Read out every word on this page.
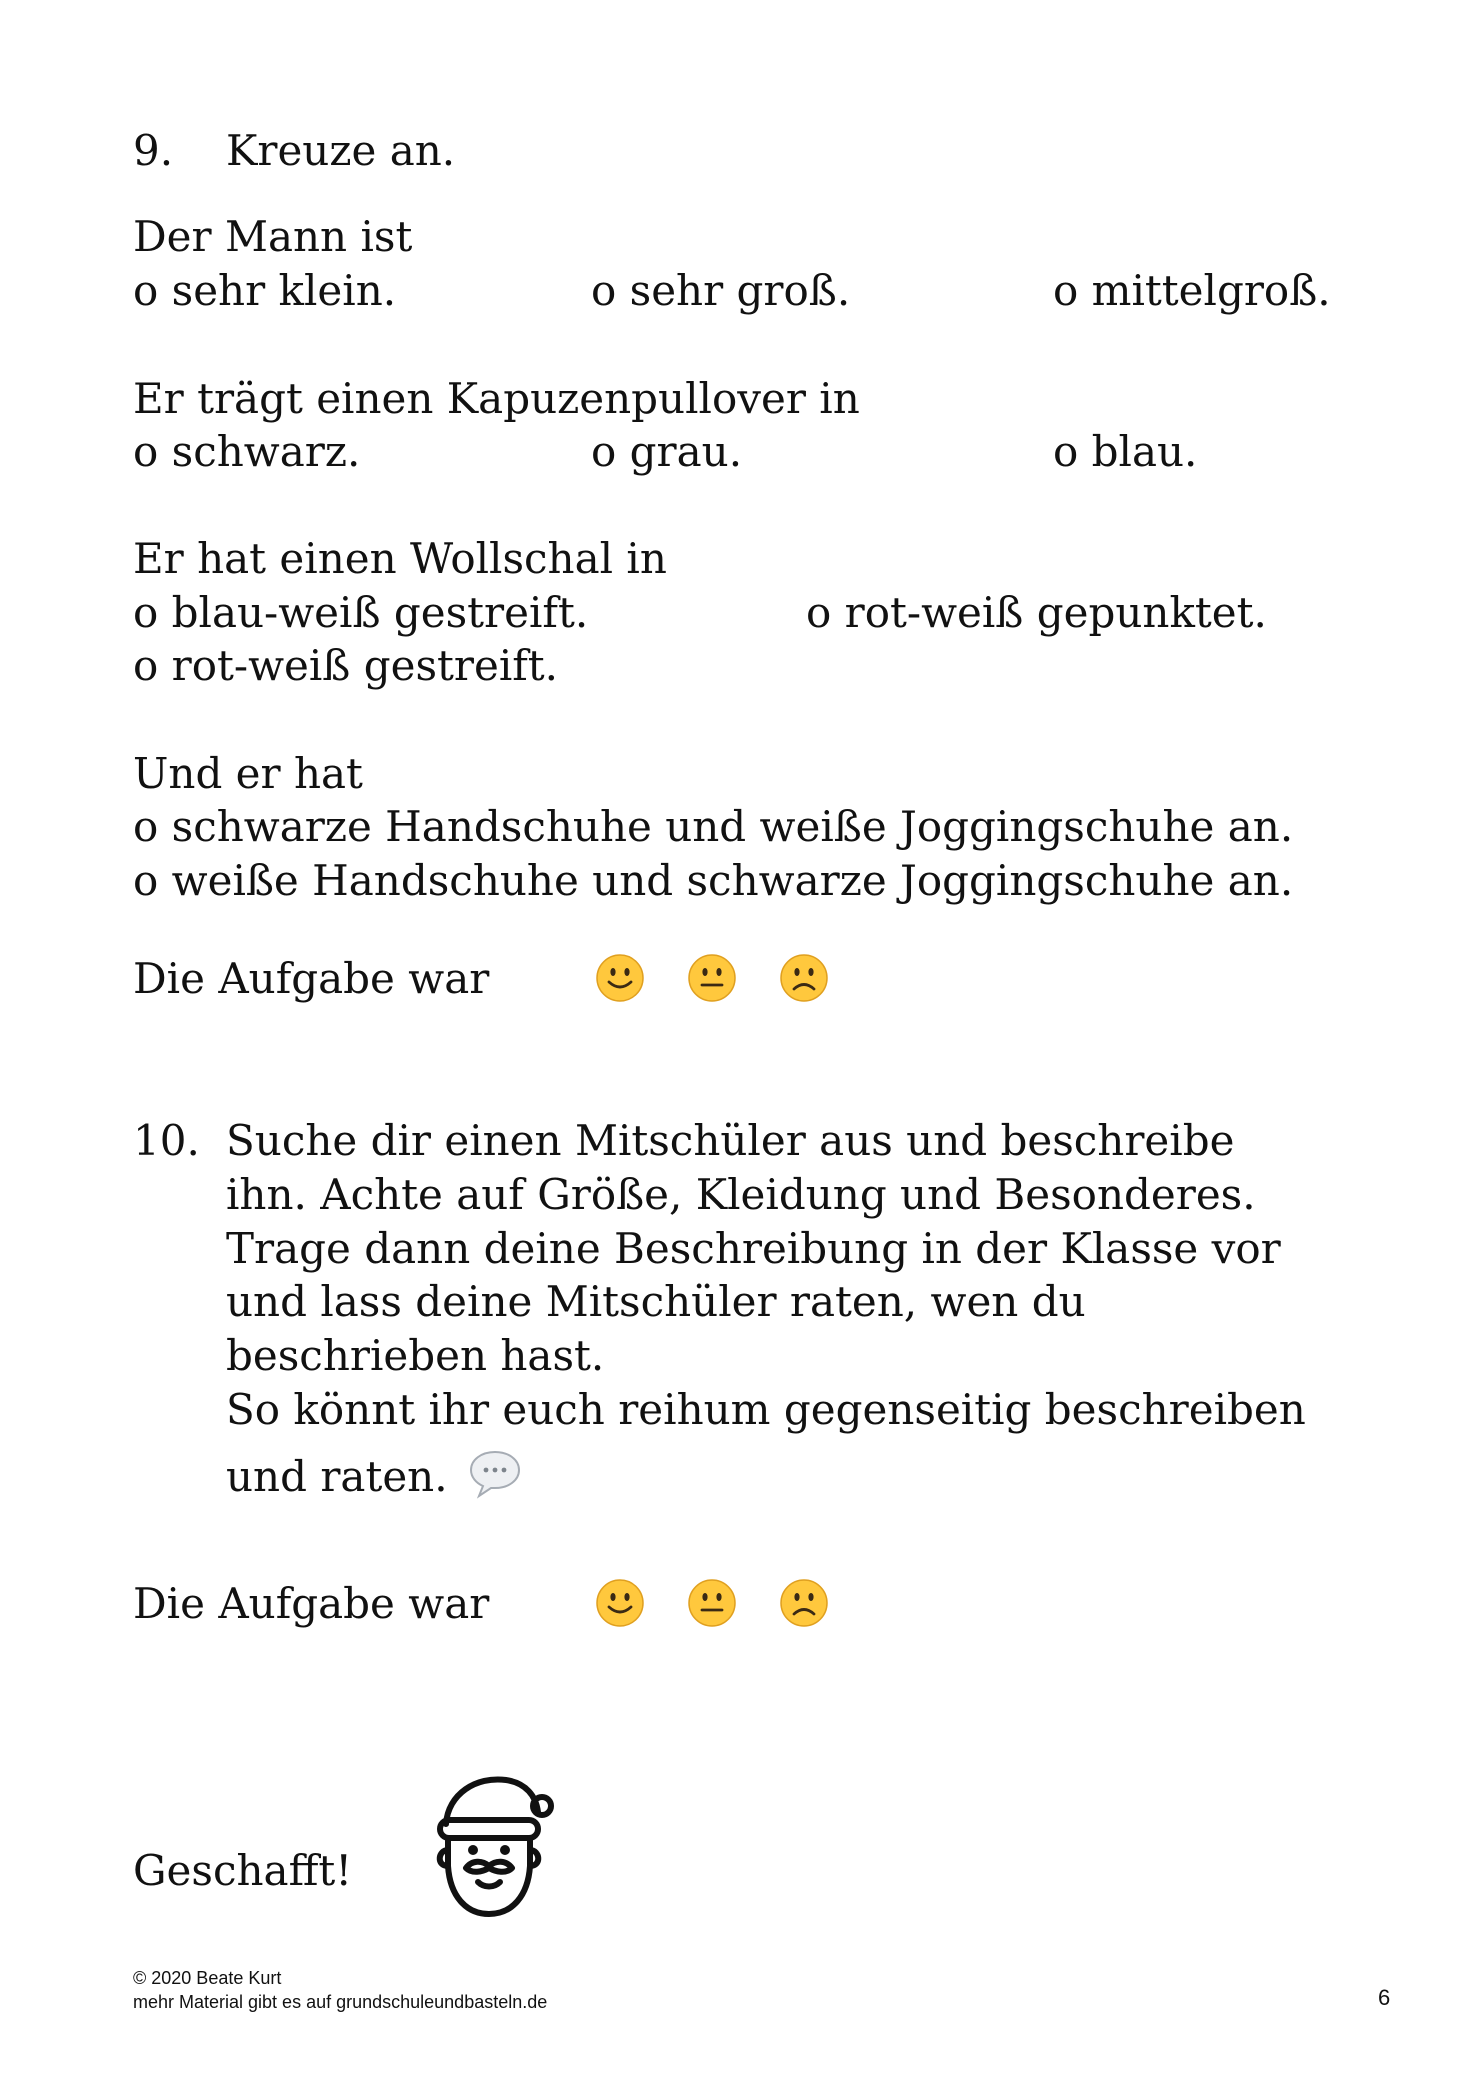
9. Kreuze an.
Der Mann ist
o sehr klein.	o sehr groß.	o mittelgroß.
Er trägt einen Kapuzenpullover in
o schwarz.	o grau.	o blau.
Er hat einen Wollschal in
o blau-weiß gestreift.	o rot-weiß gepunktet.
o rot-weiß gestreift.
Und er hat
o schwarze Handschuhe und weiße Joggingschuhe an.
o weiße Handschuhe und schwarze Joggingschuhe an.
Die Aufgabe war
10. Suche dir einen Mitschüler aus und beschreibe
ihn. Achte auf Größe, Kleidung und Besonderes.
Trage dann deine Beschreibung in der Klasse vor
und lass deine Mitschüler raten, wen du
beschrieben hast.
So könnt ihr euch reihum gegenseitig beschreiben
und raten.
Die Aufgabe war
Geschafft!
© 2020 Beate Kurt
mehr Material gibt es auf grundschuleundbasteln.de	6
